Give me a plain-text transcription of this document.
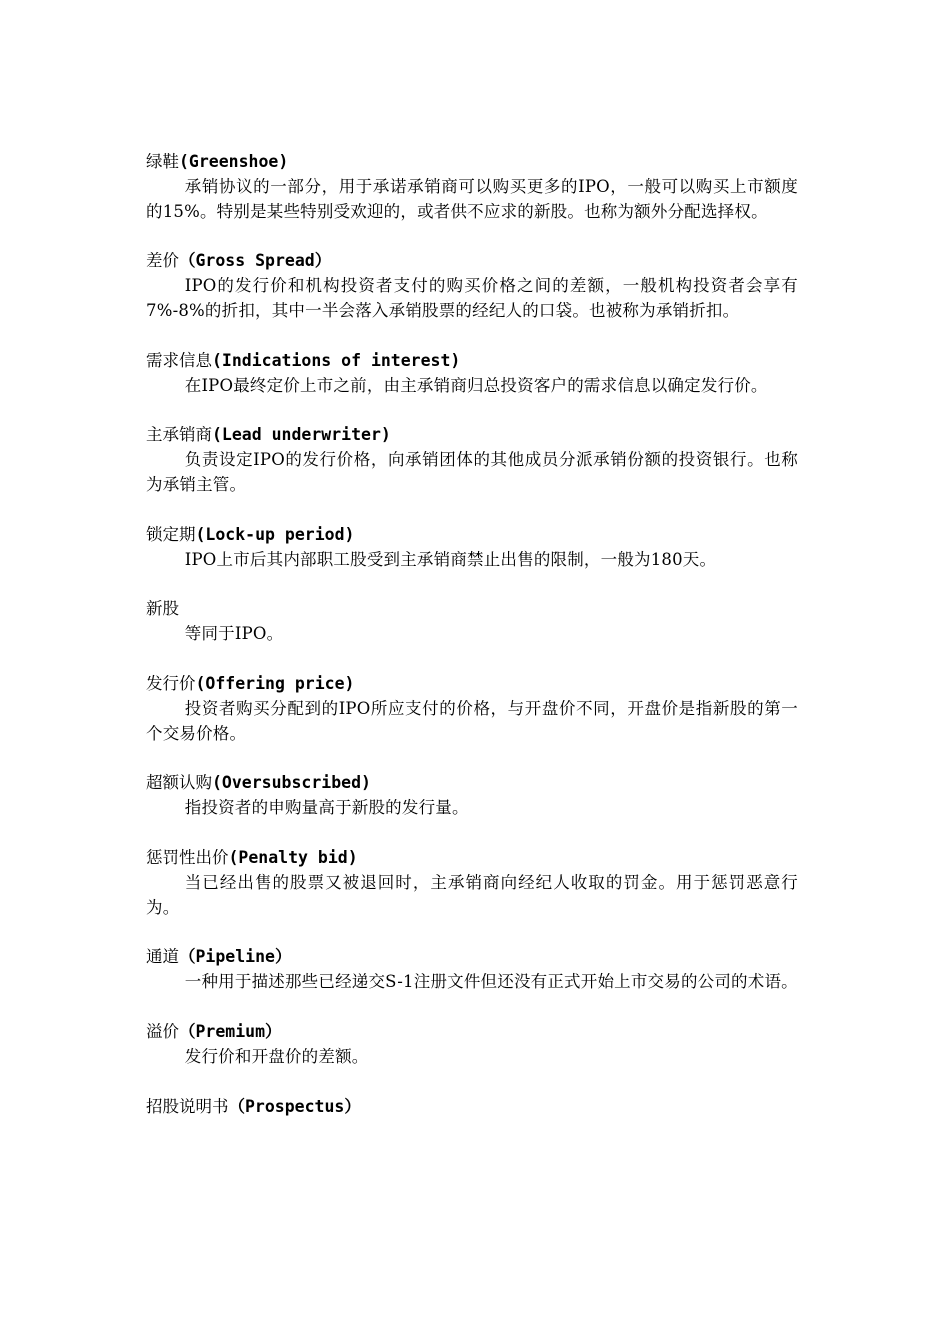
绿鞋(Greenshoe)

承销协议的一部分，用于承诺承销商可以购买更多的IPO，一般可以购买上市额度的15%。特别是某些特别受欢迎的，或者供不应求的新股。也称为额外分配选择权。

差价（Gross Spread）

IPO的发行价和机构投资者支付的购买价格之间的差额，一般机构投资者会享有7%-8%的折扣，其中一半会落入承销股票的经纪人的口袋。也被称为承销折扣。

需求信息(Indications of interest)

在IPO最终定价上市之前，由主承销商归总投资客户的需求信息以确定发行价。

主承销商(Lead underwriter)

负责设定IPO的发行价格，向承销团体的其他成员分派承销份额的投资银行。也称为承销主管。

锁定期(Lock-up period)

IPO上市后其内部职工股受到主承销商禁止出售的限制，一般为180天。

新股

等同于IPO。

发行价(Offering price)

投资者购买分配到的IPO所应支付的价格，与开盘价不同，开盘价是指新股的第一个交易价格。

超额认购(Oversubscribed)

指投资者的申购量高于新股的发行量。

惩罚性出价(Penalty bid)

当已经出售的股票又被退回时，主承销商向经纪人收取的罚金。用于惩罚恶意行为。

通道（Pipeline）

一种用于描述那些已经递交S-1注册文件但还没有正式开始上市交易的公司的术语。

溢价（Premium）

发行价和开盘价的差额。

招股说明书（Prospectus）
